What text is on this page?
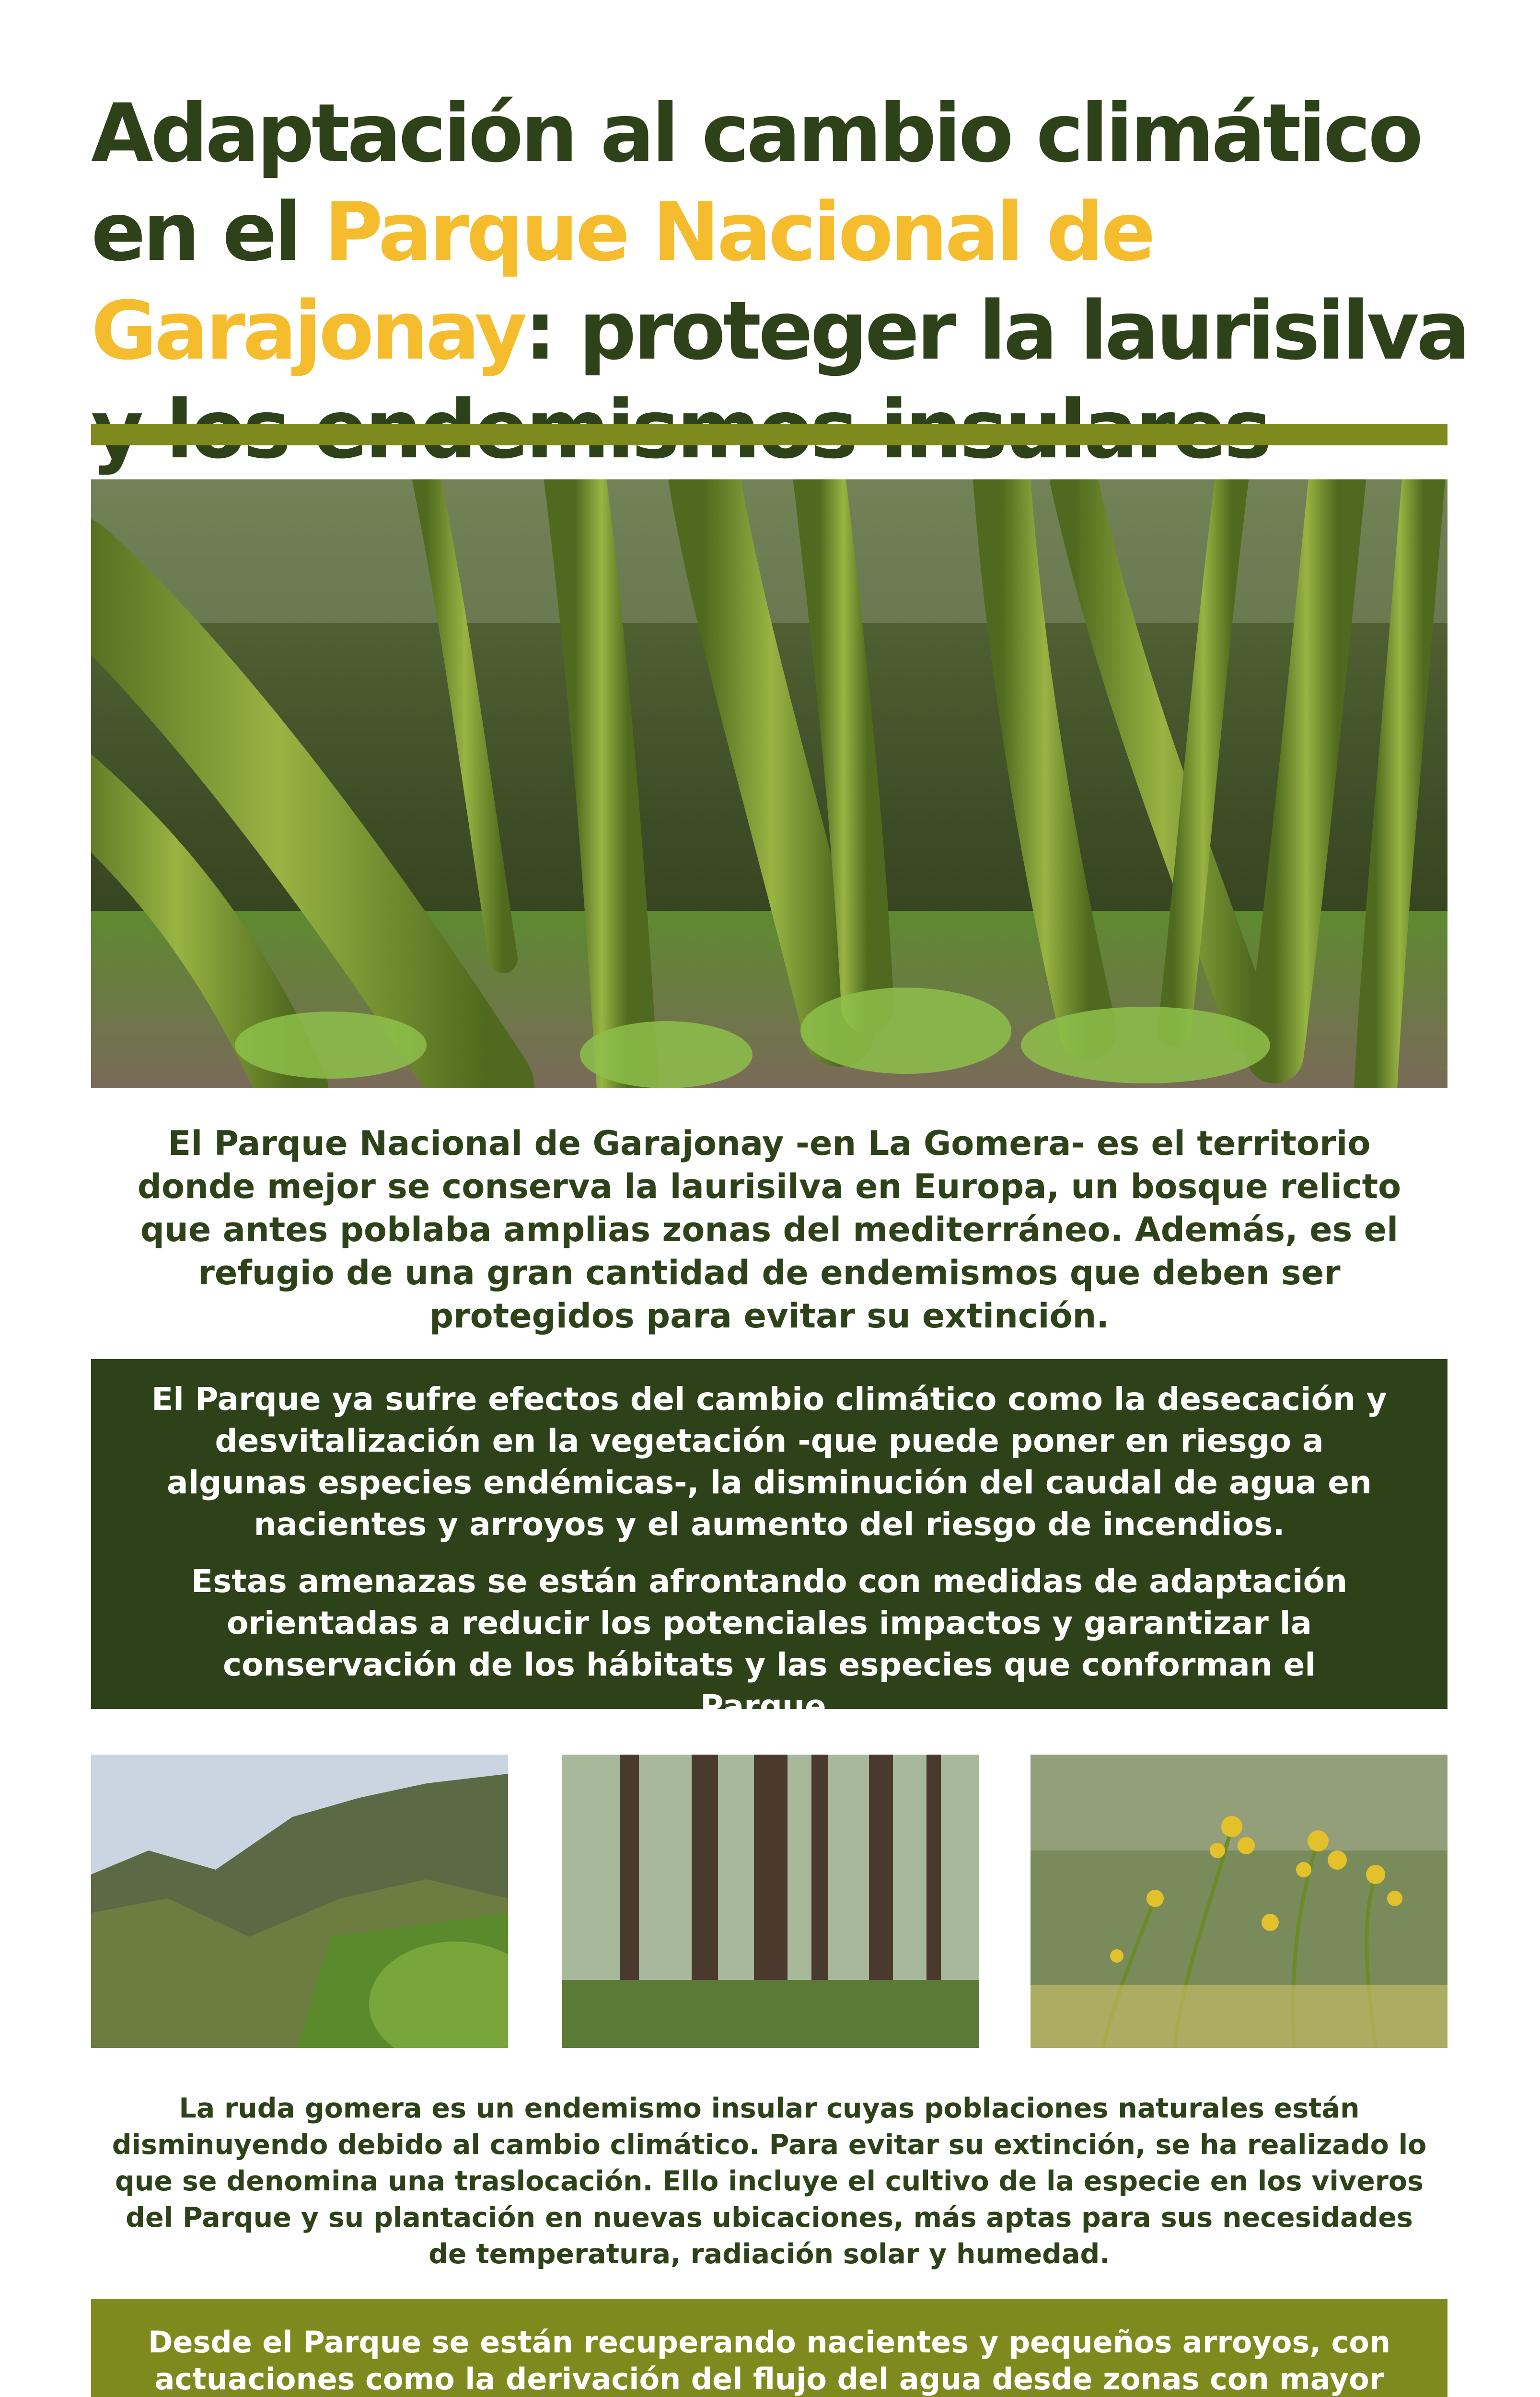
Adaptación al cambio climático en el Parque Nacional de Garajonay: proteger la laurisilva

El Parque Nacional de Garajonay -en La Gomera- es el territorio donde mejor se conserva la laurisilva en Europa, un bosque relicto que antes poblaba amplias zonas del mediterráneo. Además, es el refugio de una gran cantidad de endemismos que deben ser protegidos para evitar su extinción.

El Parque ya sufre efectos del cambio climático como la desecación y desvitalización en la vegetación -que puede poner en riesgo a algunas especies endémicas-, la disminución del caudal de agua en nacientes y arroyos y el aumento del riesgo de incendios.

Estas amenazas se están afrontando con medidas de adaptación orientadas a reducir los potenciales impactos y garantizar la conservación de los hábitats y las especies que conforman el Parque.

La ruda gomera es un endemismo insular cuyas poblaciones naturales están disminuyendo debido al cambio climático. Para evitar su extinción, se ha realizado lo que se denomina una traslocación. Ello incluye el cultivo de la especie en los viveros del Parque y su plantación en nuevas ubicaciones, más aptas para sus necesidades de temperatura, radiación solar y humedad.

Desde el Parque se están recuperando nacientes y pequeños arroyos, con actuaciones como la derivación del flujo del agua desde zonas con mayor
